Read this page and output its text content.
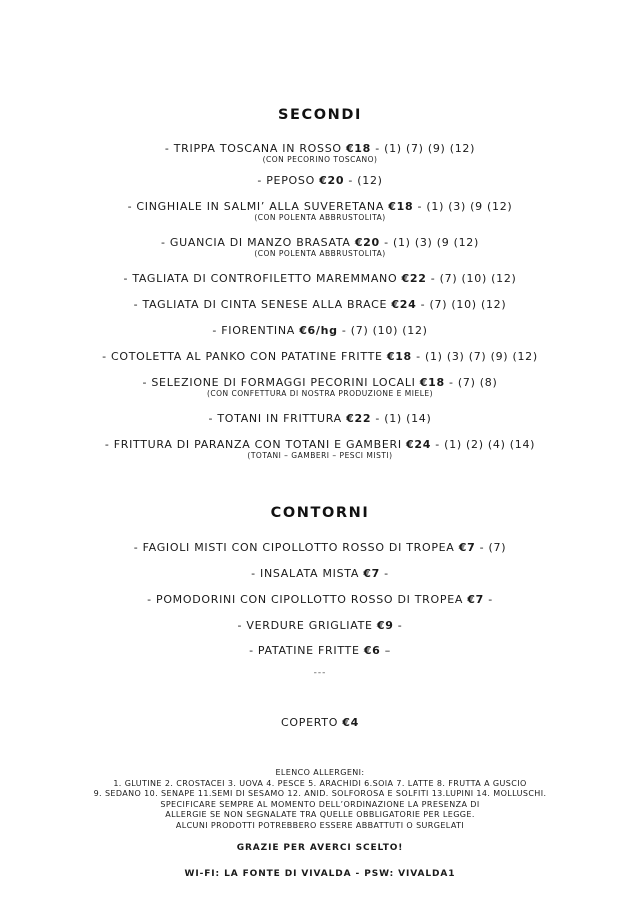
SECONDI
- TRIPPA TOSCANA IN ROSSO €18 - (1) (7) (9) (12)
(CON PECORINO TOSCANO)
- PEPOSO €20 - (12)
- CINGHIALE IN SALMI’ ALLA SUVERETANA €18 - (1) (3) (9 (12)
(CON POLENTA ABBRUSTOLITA)
- GUANCIA DI MANZO BRASATA €20 - (1) (3) (9 (12)
(CON POLENTA ABBRUSTOLITA)
- TAGLIATA DI CONTROFILETTO MAREMMANO €22 - (7) (10) (12)
- TAGLIATA DI CINTA SENESE ALLA BRACE €24 - (7) (10) (12)
- FIORENTINA €6/hg - (7) (10) (12)
- COTOLETTA AL PANKO CON PATATINE FRITTE €18 - (1) (3) (7) (9) (12)
- SELEZIONE DI FORMAGGI PECORINI LOCALI €18 - (7) (8)
(CON CONFETTURA DI NOSTRA PRODUZIONE E MIELE)
- TOTANI IN FRITTURA €22 - (1) (14)
- FRITTURA DI PARANZA CON TOTANI E GAMBERI €24 - (1) (2) (4) (14)
(TOTANI – GAMBERI – PESCI MISTI)
CONTORNI
- FAGIOLI MISTI CON CIPOLLOTTO ROSSO DI TROPEA €7 - (7)
- INSALATA MISTA €7 -
- POMODORINI CON CIPOLLOTTO ROSSO DI TROPEA €7 -
- VERDURE GRIGLIATE €9 -
- PATATINE FRITTE €6 –
---
COPERTO €4
ELENCO ALLERGENI:
1. GLUTINE 2. CROSTACEI 3. UOVA 4. PESCE 5. ARACHIDI 6.SOIA 7. LATTE 8. FRUTTA A GUSCIO
9. SEDANO 10. SENAPE 11.SEMI DI SESAMO 12. ANID. SOLFOROSA E SOLFITI 13.LUPINI 14. MOLLUSCHI.
SPECIFICARE SEMPRE AL MOMENTO DELL’ORDINAZIONE LA PRESENZA DI
ALLERGIE SE NON SEGNALATE TRA QUELLE OBBLIGATORIE PER LEGGE.
ALCUNI PRODOTTI POTREBBERO ESSERE ABBATTUTI O SURGELATI
GRAZIE PER AVERCI SCELTO!
WI-FI: LA FONTE DI VIVALDA - PSW: VIVALDA1
